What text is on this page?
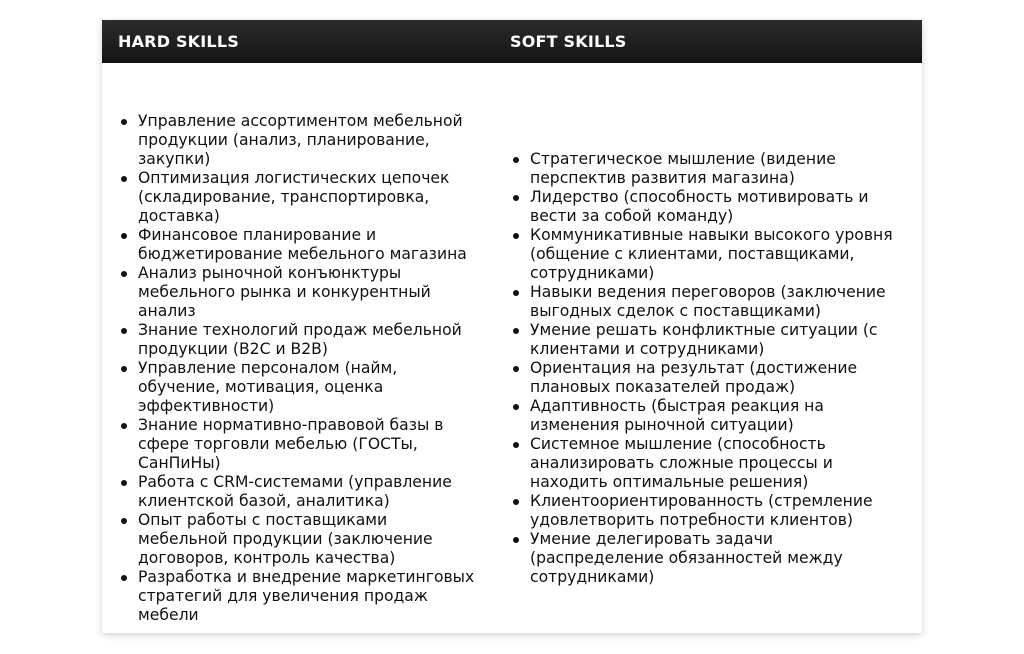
HARD SKILLS	SOFT SKILLS
Управление ассортиментом мебельной продукции (анализ, планирование, закупки)
Оптимизация логистических цепочек (складирование, транспортировка, доставка)
Финансовое планирование и бюджетирование мебельного магазина
Анализ рыночной конъюнктуры мебельного рынка и конкурентный анализ
Знание технологий продаж мебельной продукции (B2C и B2B)
Управление персоналом (найм, обучение, мотивация, оценка эффективности)
Знание нормативно-правовой базы в сфере торговли мебелью (ГОСТы, СанПиНы)
Работа с CRM-системами (управление клиентской базой, аналитика)
Опыт работы с поставщиками мебельной продукции (заключение договоров, контроль качества)
Разработка и внедрение маркетинговых стратегий для увеличения продаж мебели
Стратегическое мышление (видение перспектив развития магазина)
Лидерство (способность мотивировать и вести за собой команду)
Коммуникативные навыки высокого уровня (общение с клиентами, поставщиками, сотрудниками)
Навыки ведения переговоров (заключение выгодных сделок с поставщиками)
Умение решать конфликтные ситуации (с клиентами и сотрудниками)
Ориентация на результат (достижение плановых показателей продаж)
Адаптивность (быстрая реакция на изменения рыночной ситуации)
Системное мышление (способность анализировать сложные процессы и находить оптимальные решения)
Клиентоориентированность (стремление удовлетворить потребности клиентов)
Умение делегировать задачи (распределение обязанностей между сотрудниками)
